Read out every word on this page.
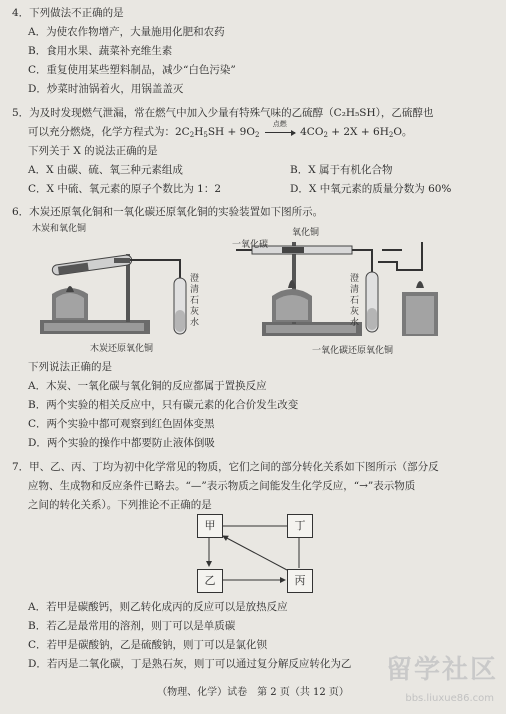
4．下列做法不正确的是
A．为使农作物增产，大量施用化肥和农药
B．食用水果、蔬菜补充维生素
C．重复使用某些塑料制品，减少“白色污染”
D．炒菜时油锅着火，用锅盖盖灭
5．为及时发现燃气泄漏，常在燃气中加入少量有特殊气味的乙硫醇（C₂H₅SH），乙硫醇也
可以充分燃烧，化学方程式为：2C2H5SH + 9O2
点燃
4CO2 + 2X + 6H2O。
下列关于 X 的说法正确的是
A．X 由碳、硫、氧三种元素组成	B．X 属于有机化合物
C．X 中硫、氧元素的原子个数比为 1：2	D．X 中氧元素的质量分数为 60%
6．木炭还原氧化铜和一氧化碳还原氧化铜的实验装置如下图所示。
木炭和氧化铜
澄清石灰水
木炭还原氧化铜
一氧化碳
氧化铜
澄清石灰水
一氧化碳还原氧化铜
下列说法正确的是
A．木炭、一氧化碳与氧化铜的反应都属于置换反应
B．两个实验的相关反应中，只有碳元素的化合价发生改变
C．两个实验中都可观察到红色固体变黑
D．两个实验的操作中都要防止液体倒吸
7．甲、乙、丙、丁均为初中化学常见的物质，它们之间的部分转化关系如下图所示（部分反
应物、生成物和反应条件已略去。“—”表示物质之间能发生化学反应，“→”表示物质
之间的转化关系）。下列推论不正确的是
甲	丁
乙	丙
A．若甲是碳酸钙，则乙转化成丙的反应可以是放热反应
B．若乙是最常用的溶剂，则丁可以是单质碳
C．若甲是碳酸钠，乙是硫酸钠，则丁可以是氯化钡
D．若丙是二氧化碳，丁是熟石灰，则丁可以通过复分解反应转化为乙
（物理、化学）试卷　第 2 页（共 12 页）
留学社区
bbs.liuxue86.com
